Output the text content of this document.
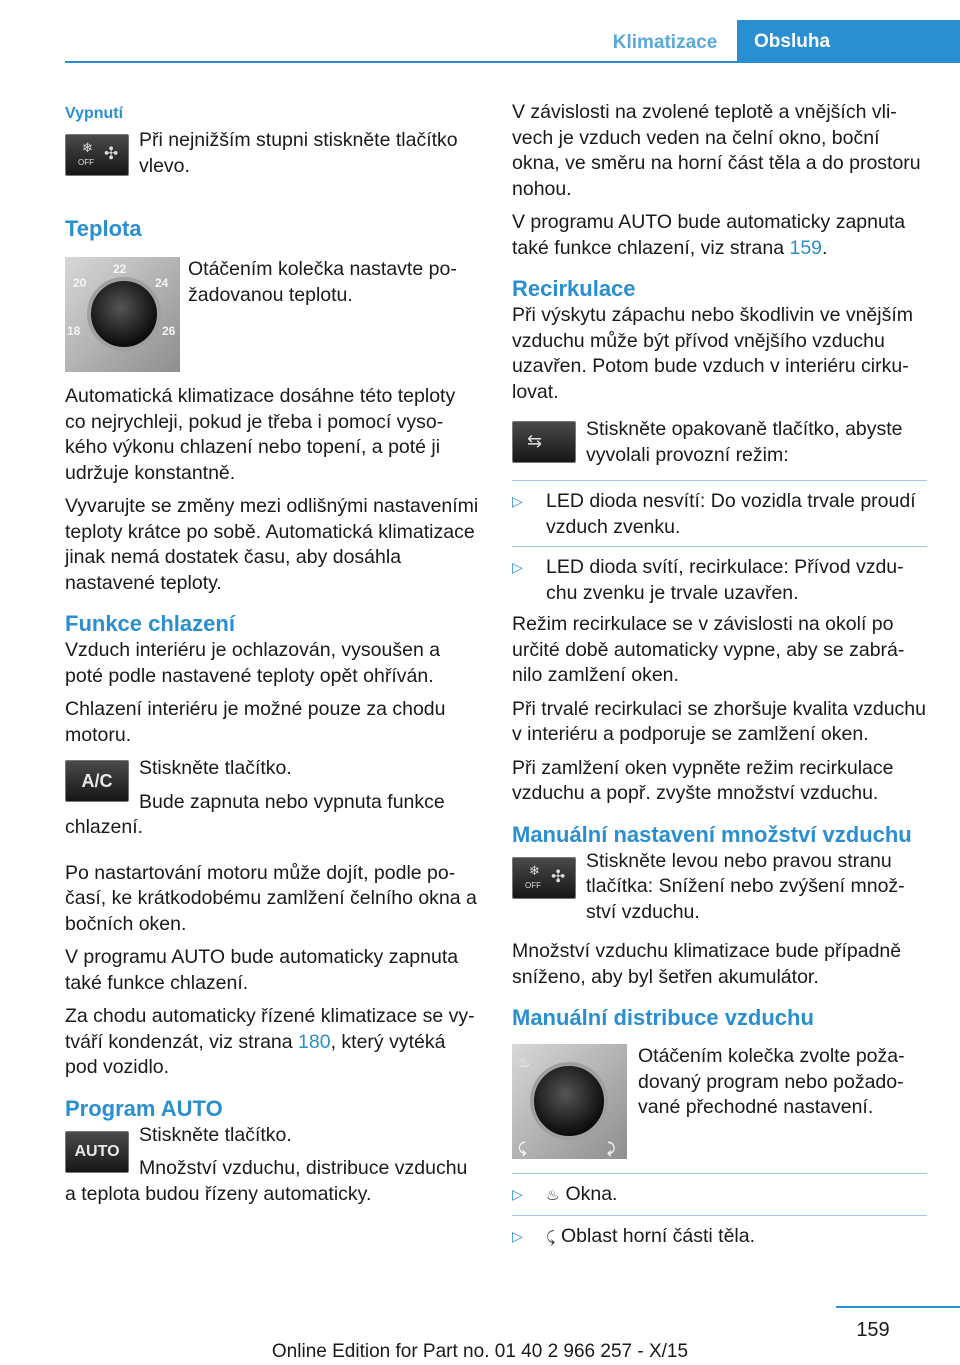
Klimatizace	Obsluha
Vypnutí
❄
OFF ✣

Při nejnižším stupni stiskněte tlačítko vlevo.

Teplota
20
22
24
18	26

Otáčením kolečka nastavte požadovanou teplotu.

Automatická klimatizace dosáhne této teploty co nejrychleji, pokud je třeba i pomocí vysokého výkonu chlazení nebo topení, a poté ji udržuje konstantně.

Vyvarujte se změny mezi odlišnými nastaveními teploty krátce po sobě. Automatická klimatizace jinak nemá dostatek času, aby dosáhla nastavené teploty.

Funkce chlazení

Vzduch interiéru je ochlazován, vysoušen a poté podle nastavené teploty opět ohříván.

Chlazení interiéru je možné pouze za chodu motoru.

A/C

Stiskněte tlačítko.

Bude zapnuta nebo vypnuta funkce chlazení.

Po nastartování motoru může dojít, podle počasí, ke krátkodobému zamlžení čelního okna a bočních oken.

V programu AUTO bude automaticky zapnuta také funkce chlazení.

Za chodu automaticky řízené klimatizace se vytváří kondenzát, viz strana 180, který vytéká pod vozidlo.

Program AUTO
AUTO

Stiskněte tlačítko.

Množství vzduchu, distribuce vzduchu a teplota budou řízeny automaticky.

V závislosti na zvolené teplotě a vnějších vlivech je vzduch veden na čelní okno, boční okna, ve směru na horní část těla a do prostoru nohou.

V programu AUTO bude automaticky zapnuta také funkce chlazení, viz strana 159.

Recirkulace

Při výskytu zápachu nebo škodlivin ve vnějším vzduchu může být přívod vnějšího vzduchu uzavřen. Potom bude vzduch v interiéru cirkulovat.

⇆

Stiskněte opakovaně tlačítko, abyste vyvolali provozní režim:

▷ LED dioda nesvítí: Do vozidla trvale proudí vzduch zvenku.
▷ LED dioda svítí, recirkulace: Přívod vzduchu zvenku je trvale uzavřen.

Režim recirkulace se v závislosti na okolí po určité době automaticky vypne, aby se zabránilo zamlžení oken.

Při trvalé recirkulaci se zhoršuje kvalita vzduchu v interiéru a podporuje se zamlžení oken.

Při zamlžení oken vypněte režim recirkulace vzduchu a popř. zvyšte množství vzduchu.

Manuální nastavení množství vzduchu
❄
OFF ✣

Stiskněte levou nebo pravou stranu tlačítka: Snížení nebo zvýšení množství vzduchu.

Množství vzduchu klimatizace bude případně sníženo, aby byl šetřen akumulátor.

Manuální distribuce vzduchu
♨
⤹	⤸

Otáčením kolečka zvolte požadovaný program nebo požadované přechodné nastavení.

▷ ♨ Okna.
▷ ⤹ Oblast horní části těla.
159
Online Edition for Part no. 01 40 2 966 257 - X/15
